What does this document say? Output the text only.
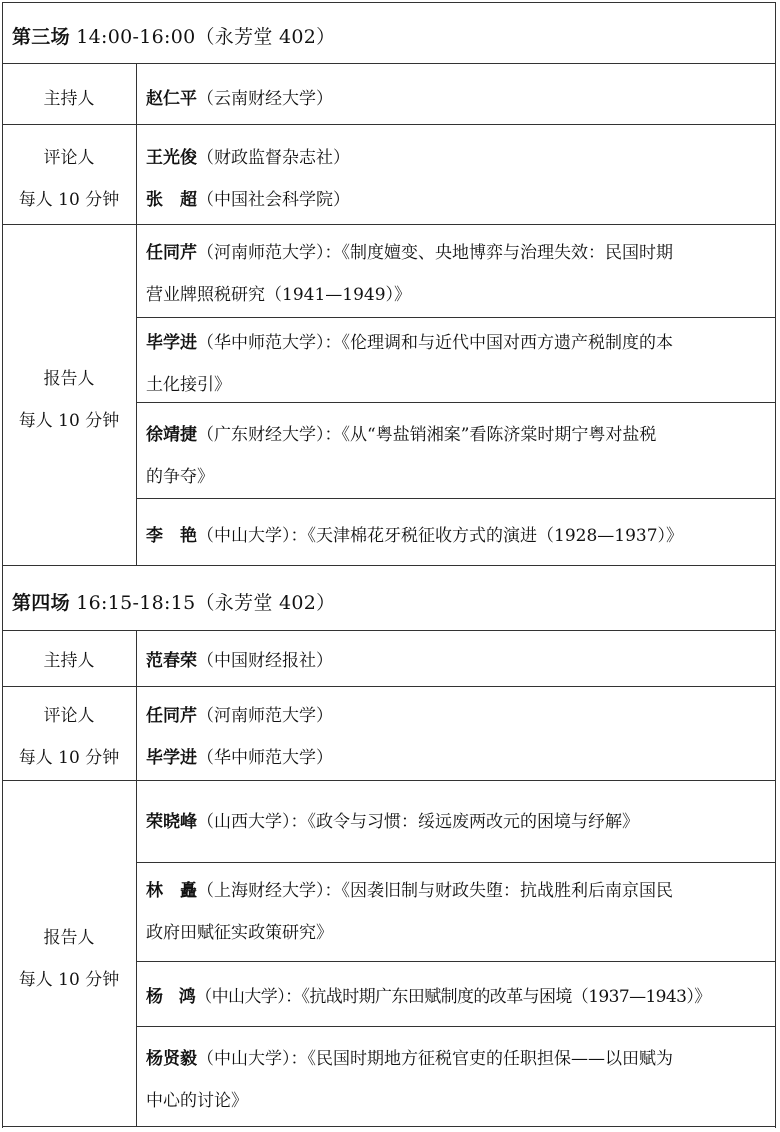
第三场 14:00-16:00（永芳堂 402）
主持人	赵仁平（云南财经大学）
评论人
每人 10 分钟
王光俊（财政监督杂志社）
张　超（中国社会科学院）
报告人
每人 10 分钟
任同芹（河南师范大学）：《制度嬗变、央地博弈与治理失效：民国时期
营业牌照税研究（1941—1949）》
毕学进（华中师范大学）：《伦理调和与近代中国对西方遗产税制度的本
土化接引》
徐靖捷（广东财经大学）：《从“粤盐销湘案”看陈济棠时期宁粤对盐税
的争夺》
李　艳（中山大学）：《天津棉花牙税征收方式的演进（1928—1937）》
第四场 16:15-18:15（永芳堂 402）
主持人	范春荣（中国财经报社）
评论人
每人 10 分钟
任同芹（河南师范大学）
毕学进（华中师范大学）
报告人
每人 10 分钟
荣晓峰（山西大学）：《政令与习惯：绥远废两改元的困境与纾解》
林　矗（上海财经大学）：《因袭旧制与财政失堕：抗战胜利后南京国民
政府田赋征实政策研究》
杨　鸿（中山大学）：《抗战时期广东田赋制度的改革与困境（1937—1943）》
杨贤毅（中山大学）：《民国时期地方征税官吏的任职担保——以田赋为
中心的讨论》
